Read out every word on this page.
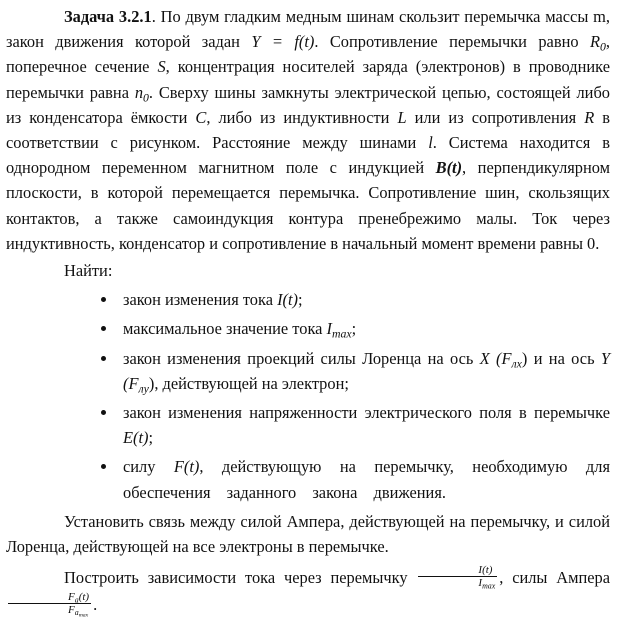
Задача 3.2.1. По двум гладким медным шинам скользит перемычка массы m, закон движения которой задан Y = f(t). Сопротивление перемычки равно $R_0$, поперечное сечение S, концентрация носителей заряда (электронов) в проводнике перемычки равна $n_0$. Сверху шины замкнуты электрической цепью, состоящей либо из конденсатора ёмкости C, либо из индуктивности L или из сопротивления R в соответствии с рисунком. Расстояние между шинами l. Система находится в однородном переменном магнитном поле с индукцией B(t), перпендикулярном плоскости, в которой перемещается перемычка. Сопротивление шин, скользящих контактов, а также самоиндукция контура пренебрежимо малы. Ток через индуктивность, конденсатор и сопротивление в начальный момент времени равны 0.

Найти:

закон изменения тока I(t);
максимальное значение тока $I_{max}$;
закон изменения проекций силы Лоренца на ось X $(F_{лx})$ и на ось Y $(F_{лy})$, действующей на электрон;
закон изменения напряженности электрического поля в перемычке E(t);
силу F(t), действующую на перемычку, необходимую для обеспечения заданного закона движения.

Установить связь между силой Ампера, действующей на перемычку, и силой Лоренца, действующей на все электроны в перемычке.

Построить зависимости тока через перемычку $\frac{I(t)}{I_{max}}$ , силы Ампера
$\frac{F_a(t)}{F_{a_{max}}}$ .
